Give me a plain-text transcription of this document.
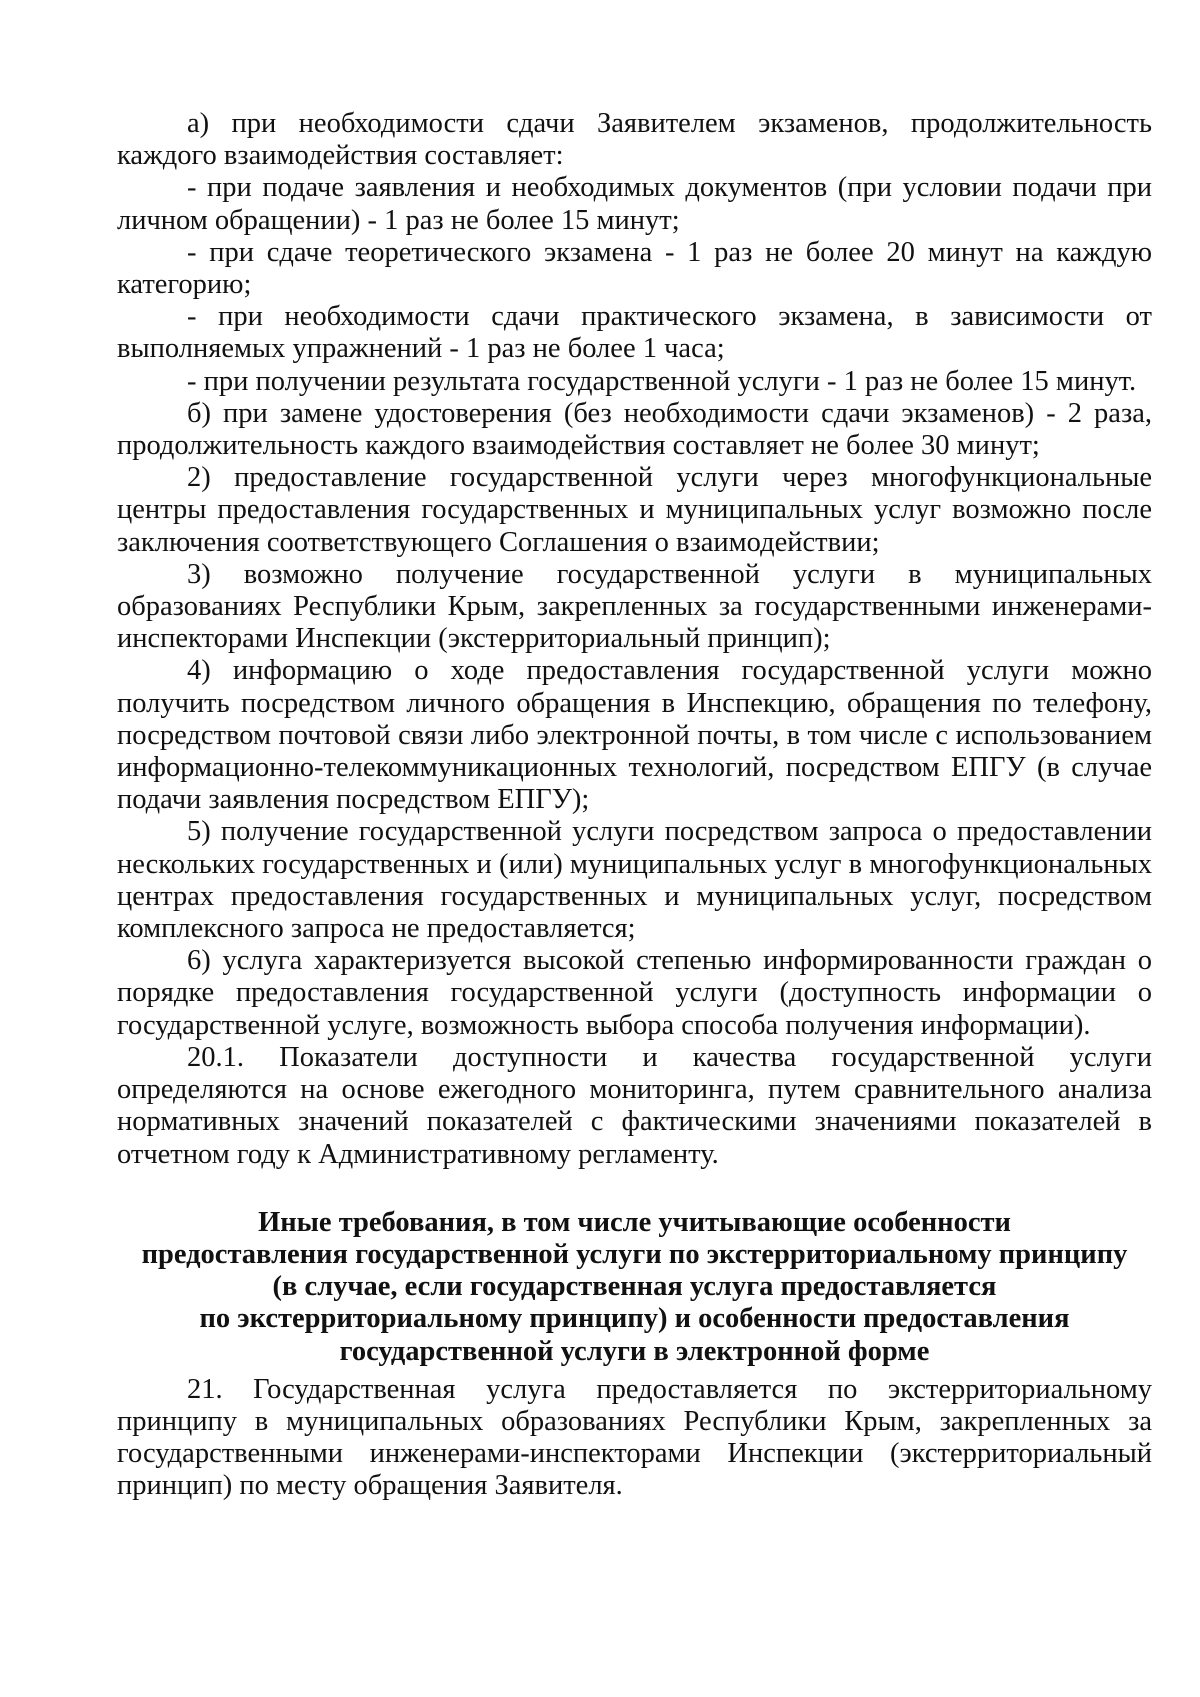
а) при необходимости сдачи Заявителем экзаменов, продолжительность каждого взаимодействия составляет:

- при подаче заявления и необходимых документов (при условии подачи при личном обращении) - 1 раз не более 15 минут;

- при сдаче теоретического экзамена - 1 раз не более 20 минут на каждую категорию;

- при необходимости сдачи практического экзамена, в зависимости от выполняемых упражнений - 1 раз не более 1 часа;

- при получении результата государственной услуги - 1 раз не более 15 минут.

б) при замене удостоверения (без необходимости сдачи экзаменов) - 2 раза, продолжительность каждого взаимодействия составляет не более 30 минут;

2) предоставление государственной услуги через многофункциональные центры предоставления государственных и муниципальных услуг возможно после заключения соответствующего Соглашения о взаимодействии;

3) возможно получение государственной услуги в муниципальных образованиях Республики Крым, закрепленных за государственными инженерами-инспекторами Инспекции (экстерриториальный принцип);

4) информацию о ходе предоставления государственной услуги можно получить посредством личного обращения в Инспекцию, обращения по телефону, посредством почтовой связи либо электронной почты, в том числе с использованием информационно-телекоммуникационных технологий, посредством ЕПГУ (в случае подачи заявления посредством ЕПГУ);

5) получение государственной услуги посредством запроса о предоставлении нескольких государственных и (или) муниципальных услуг в многофункциональных центрах предоставления государственных и муниципальных услуг, посредством комплексного запроса не предоставляется;

6) услуга характеризуется высокой степенью информированности граждан о порядке предоставления государственной услуги (доступность информации о государственной услуге, возможность выбора способа получения информации).

20.1. Показатели доступности и качества государственной услуги определяются на основе ежегодного мониторинга, путем сравнительного анализа нормативных значений показателей с фактическими значениями показателей в отчетном году к Административному регламенту.

Иные требования, в том числе учитывающие особенности
предоставления государственной услуги по экстерриториальному принципу
(в случае, если государственная услуга предоставляется
по экстерриториальному принципу) и особенности предоставления
государственной услуги в электронной форме

21. Государственная услуга предоставляется по экстерриториальному принципу в муниципальных образованиях Республики Крым, закрепленных за государственными инженерами-инспекторами Инспекции (экстерриториальный принцип) по месту обращения Заявителя.
